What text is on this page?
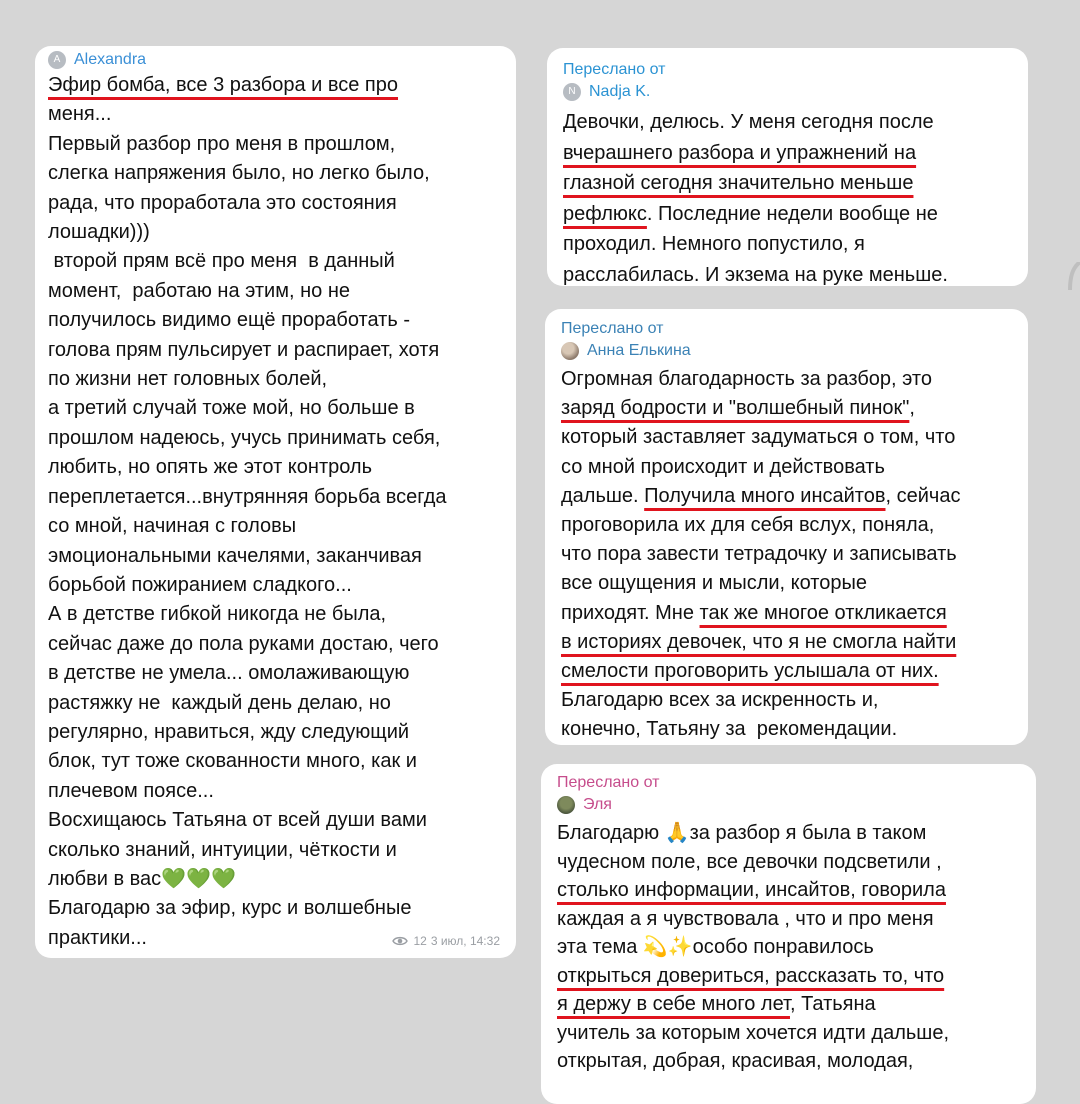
A Alexandra
Эфир бомба, все 3 разбора и все про
меня...
Первый разбор про меня в прошлом,
слегка напряжения было, но легко было,
рада, что проработала это состояния
лошадки)))
второй прям всё про меня  в данный
момент,  работаю на этим, но не
получилось видимо ещё проработать -
голова прям пульсирует и распирает, хотя
по жизни нет головных болей,
а третий случай тоже мой, но больше в
прошлом надеюсь, учусь принимать себя,
любить, но опять же этот контроль
переплетается...внутрянняя борьба всегда
со мной, начиная с головы
эмоциональными качелями, заканчивая
борьбой пожиранием сладкого...
А в детстве гибкой никогда не была,
сейчас даже до пола руками достаю, чего
в детстве не умела... омолаживающую
растяжку не  каждый день делаю, но
регулярно, нравиться, жду следующий
блок, тут тоже скованности много, как и
плечевом поясе...
Восхищаюсь Татьяна от всей души вами
сколько знаний, интуиции, чёткости и
любви в вас💚💚💚
Благодарю за эфир, курс и волшебные
практики...	12 3 июл, 14:32
Переслано от
N Nadja K.
Девочки, делюсь. У меня сегодня после
вчерашнего разбора и упражнений на
глазной сегодня значительно меньше
рефлюкс. Последние недели вообще не
проходил. Немного попустило, я
расслабилась. И экзема на руке меньше.
Переслано от
Анна Елькина
Огромная благодарность за разбор, это
заряд бодрости и "волшебный пинок",
который заставляет задуматься о том, что
со мной происходит и действовать
дальше. Получила много инсайтов, сейчас
проговорила их для себя вслух, поняла,
что пора завести тетрадочку и записывать
все ощущения и мысли, которые
приходят. Мне так же многое откликается
в историях девочек, что я не смогла найти
смелости проговорить услышала от них.
Благодарю всех за искренность и,
конечно, Татьяну за  рекомендации.
Переслано от
Эля
Благодарю 🙏за разбор я была в таком
чудесном поле, все девочки подсветили ,
столько информации, инсайтов, говорила
каждая а я чувствовала , что и про меня
эта тема 💫✨особо понравилось
открыться довериться, рассказать то, что
я держу в себе много лет, Татьяна
учитель за которым хочется идти дальше,
открытая, добрая, красивая, молодая,
